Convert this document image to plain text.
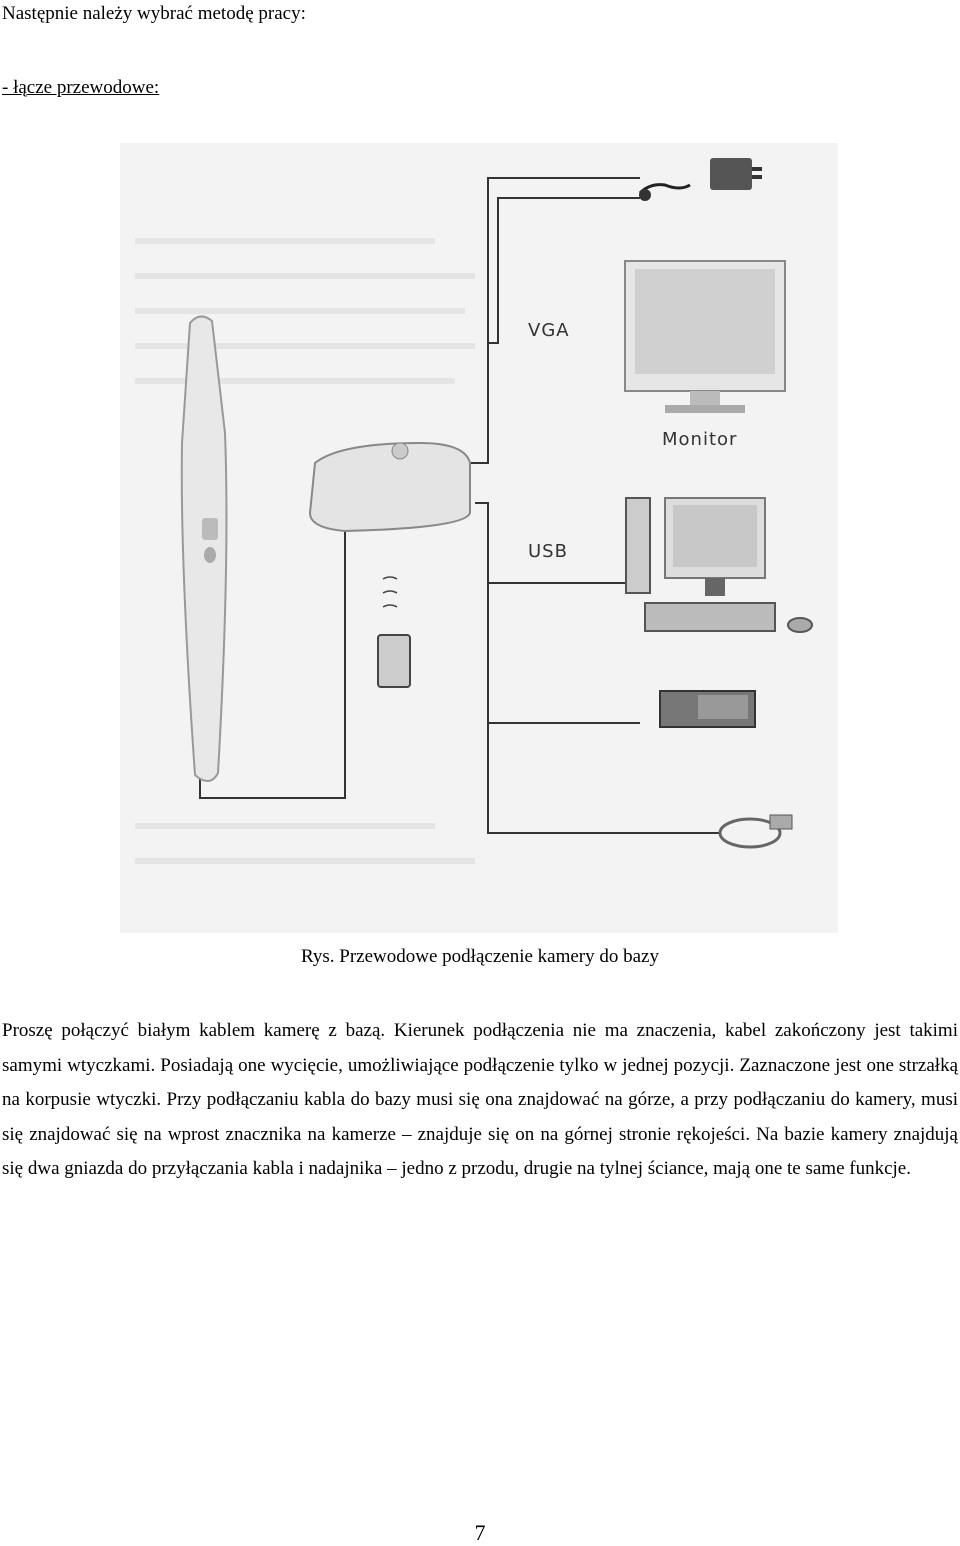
Następnie należy wybrać metodę pracy:
- łącze przewodowe:
VGA
Monitor
USB
Rys. Przewodowe podłączenie kamery do bazy

Proszę połączyć białym kablem kamerę z bazą. Kierunek podłączenia nie ma znaczenia, kabel zakończony jest takimi samymi wtyczkami. Posiadają one wycięcie, umożliwiające podłączenie tylko w jednej pozycji. Zaznaczone jest one strzałką na korpusie wtyczki. Przy podłączaniu kabla do bazy musi się ona znajdować na górze, a przy podłączaniu do kamery, musi się znajdować się na wprost znacznika na kamerze – znajduje się on na górnej stronie rękojeści. Na bazie kamery znajdują się dwa gniazda do przyłączania kabla i nadajnika – jedno z przodu, drugie na tylnej ściance, mają one te same funkcje.

7
